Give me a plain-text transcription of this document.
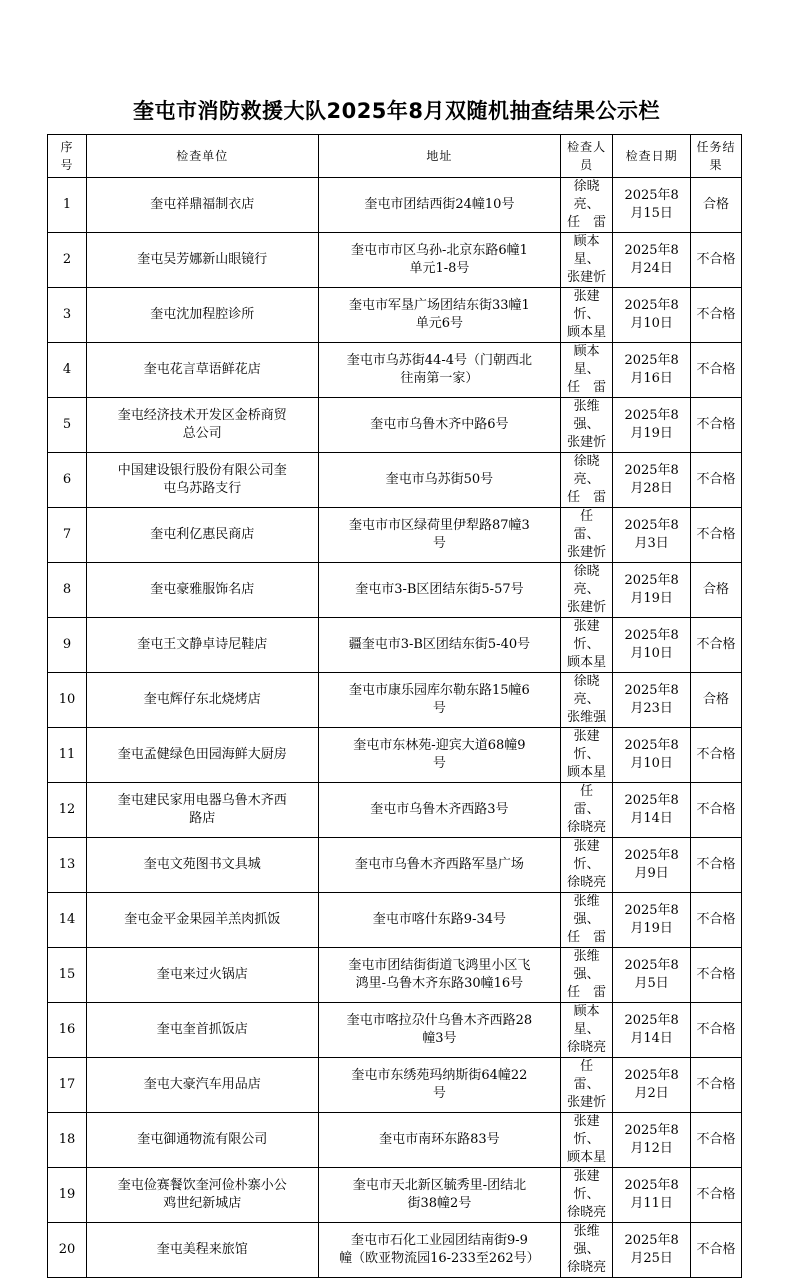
奎屯市消防救援大队2025年8月双随机抽查结果公示栏
序
号	检查单位	地址	检查人
员	检查日期	任务结
果
1	奎屯祥鼎福制衣店	奎屯市团结西街24幢10号	徐晓亮、
任　雷	2025年8
月15日	合格
2	奎屯吴芳娜新山眼镜行	奎屯市市区乌孙-北京东路6幢1
单元1-8号	顾本星、
张建忻	2025年8
月24日	不合格
3	奎屯沈加程腔诊所	奎屯市军垦广场团结东街33幢1
单元6号	张建忻、
顾本星	2025年8
月10日	不合格
4	奎屯花言草语鲜花店	奎屯市乌苏街44-4号（门朝西北
往南第一家）	顾本星、
任　雷	2025年8
月16日	不合格
5	奎屯经济技术开发区金桥商贸
总公司	奎屯市乌鲁木齐中路6号	张维强、
张建忻	2025年8
月19日	不合格
6	中国建设银行股份有限公司奎
屯乌苏路支行	奎屯市乌苏街50号	徐晓亮、
任　雷	2025年8
月28日	不合格
7	奎屯利亿惠民商店	奎屯市市区绿荷里伊犁路87幢3
号	任　雷、
张建忻	2025年8
月3日	不合格
8	奎屯豪雅服饰名店	奎屯市3-B区团结东街5-57号	徐晓亮、
张建忻	2025年8
月19日	合格
9	奎屯王文静卓诗尼鞋店	疆奎屯市3-B区团结东街5-40号	张建忻、
顾本星	2025年8
月10日	不合格
10	奎屯辉仔东北烧烤店	奎屯市康乐园库尔勒东路15幢6
号	徐晓亮、
张维强	2025年8
月23日	合格
11	奎屯孟健绿色田园海鲜大厨房	奎屯市东林苑-迎宾大道68幢9
号	张建忻、
顾本星	2025年8
月10日	不合格
12	奎屯建民家用电器乌鲁木齐西
路店	奎屯市乌鲁木齐西路3号	任　雷、
徐晓亮	2025年8
月14日	不合格
13	奎屯文苑图书文具城	奎屯市乌鲁木齐西路军垦广场	张建忻、
徐晓亮	2025年8
月9日	不合格
14	奎屯金平金果园羊羔肉抓饭	奎屯市喀什东路9-34号	张维强、
任　雷	2025年8
月19日	不合格
15	奎屯来过火锅店	奎屯市团结街街道飞鸿里小区飞
鸿里-乌鲁木齐东路30幢16号	张维强、
任　雷	2025年8
月5日	不合格
16	奎屯奎首抓饭店	奎屯市喀拉尕什乌鲁木齐西路28
幢3号	顾本星、
徐晓亮	2025年8
月14日	不合格
17	奎屯大豪汽车用品店	奎屯市东绣苑玛纳斯街64幢22
号	任　雷、
张建忻	2025年8
月2日	不合格
18	奎屯御通物流有限公司	奎屯市南环东路83号	张建忻、
顾本星	2025年8
月12日	不合格
19	奎屯俭赛餐饮奎河俭朴寨小公
鸡世纪新城店	奎屯市天北新区毓秀里-团结北
街38幢2号	张建忻、
徐晓亮	2025年8
月11日	不合格
20	奎屯美程来旅馆	奎屯市石化工业园团结南街9-9
幢（欧亚物流园16-233至262号）	张维强、
徐晓亮	2025年8
月25日	不合格
